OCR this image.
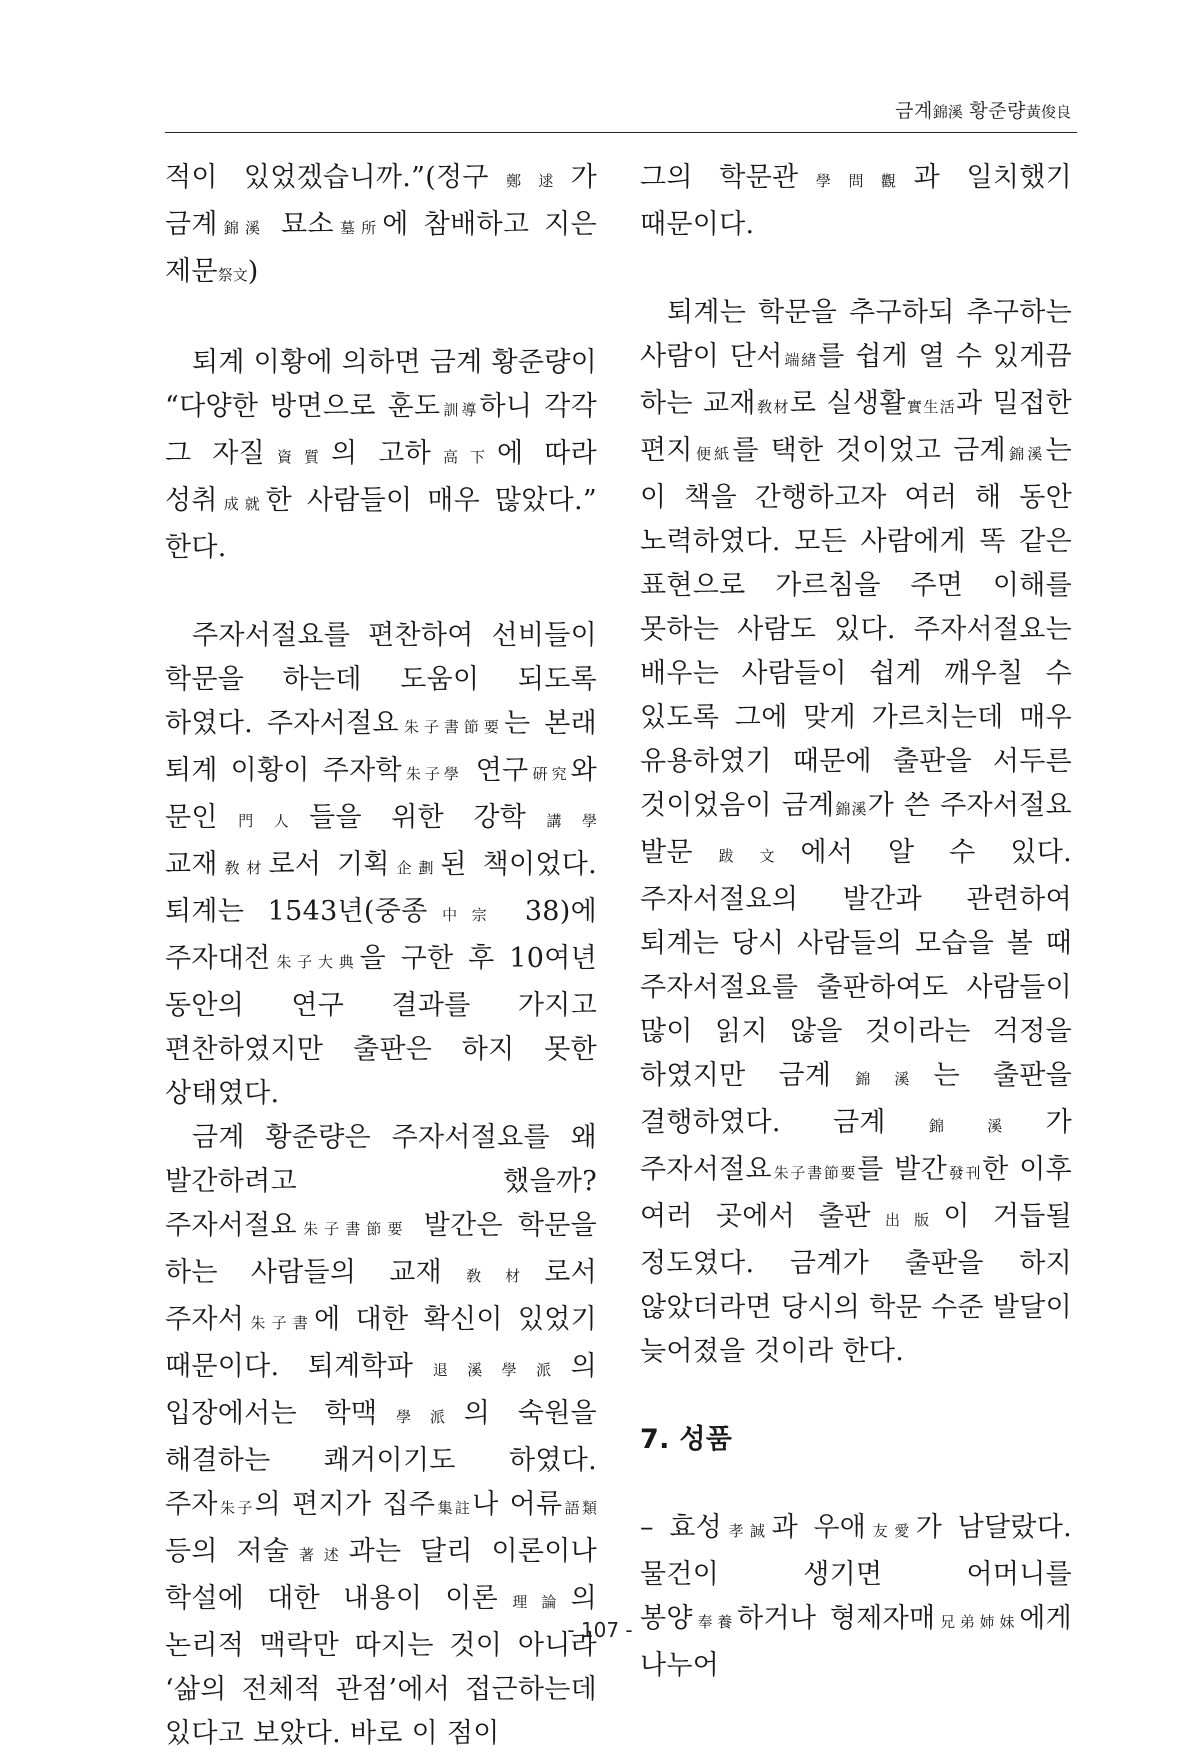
금계錦溪 황준량黃俊良

적이 있었겠습니까.”(정구鄭逑가 금계錦溪 묘소墓所에 참배하고 지은 제문祭文)

퇴계 이황에 의하면 금계 황준량이 “다양한 방면으로 훈도訓導하니 각각 그 자질資質의 고하高下에 따라 성취成就한 사람들이 매우 많았다.” 한다.

주자서절요를 편찬하여 선비들이 학문을 하는데 도움이 되도록 하였다. 주자서절요朱子書節要는 본래 퇴계 이황이 주자학朱子學 연구硏究와 문인門人들을 위한 강학講學 교재敎材로서 기획企劃된 책이었다. 퇴계는 1543년(중종中宗 38)에 주자대전朱子大典을 구한 후 10여년 동안의 연구 결과를 가지고 편찬하였지만 출판은 하지 못한 상태였다.

금계 황준량은 주자서절요를 왜 발간하려고 했을까? 주자서절요朱子書節要 발간은 학문을 하는 사람들의 교재敎材로서 주자서朱子書에 대한 확신이 있었기 때문이다. 퇴계학파退溪學派의 입장에서는 학맥學派의 숙원을 해결하는 쾌거이기도 하였다. 주자朱子의 편지가 집주集註나 어류語類 등의 저술著述과는 달리 이론이나 학설에 대한 내용이 이론理論의 논리적 맥락만 따지는 것이 아니라 ‘삶의 전체적 관점’에서 접근하는데 있다고 보았다. 바로 이 점이

그의 학문관學問觀과 일치했기 때문이다.

퇴계는 학문을 추구하되 추구하는 사람이 단서端緖를 쉽게 열 수 있게끔 하는 교재敎材로 실생활實生活과 밀접한 편지便紙를 택한 것이었고 금계錦溪는 이 책을 간행하고자 여러 해 동안 노력하였다. 모든 사람에게 똑 같은 표현으로 가르침을 주면 이해를 못하는 사람도 있다. 주자서절요는 배우는 사람들이 쉽게 깨우칠 수 있도록 그에 맞게 가르치는데 매우 유용하였기 때문에 출판을 서두른 것이었음이 금계錦溪가 쓴 주자서절요 발문跋文에서 알 수 있다. 주자서절요의 발간과 관련하여 퇴계는 당시 사람들의 모습을 볼 때 주자서절요를 출판하여도 사람들이 많이 읽지 않을 것이라는 걱정을 하였지만 금계錦溪는 출판을 결행하였다. 금계錦溪가 주자서절요朱子書節要를 발간發刊한 이후 여러 곳에서 출판出版이 거듭될 정도였다. 금계가 출판을 하지 않았더라면 당시의 학문 수준 발달이 늦어졌을 것이라 한다.

7. 성품

– 효성孝誠과 우애友愛가 남달랐다. 물건이 생기면 어머니를 봉양奉養하거나 형제자매兄弟姉妹에게 나누어

- 107 -
